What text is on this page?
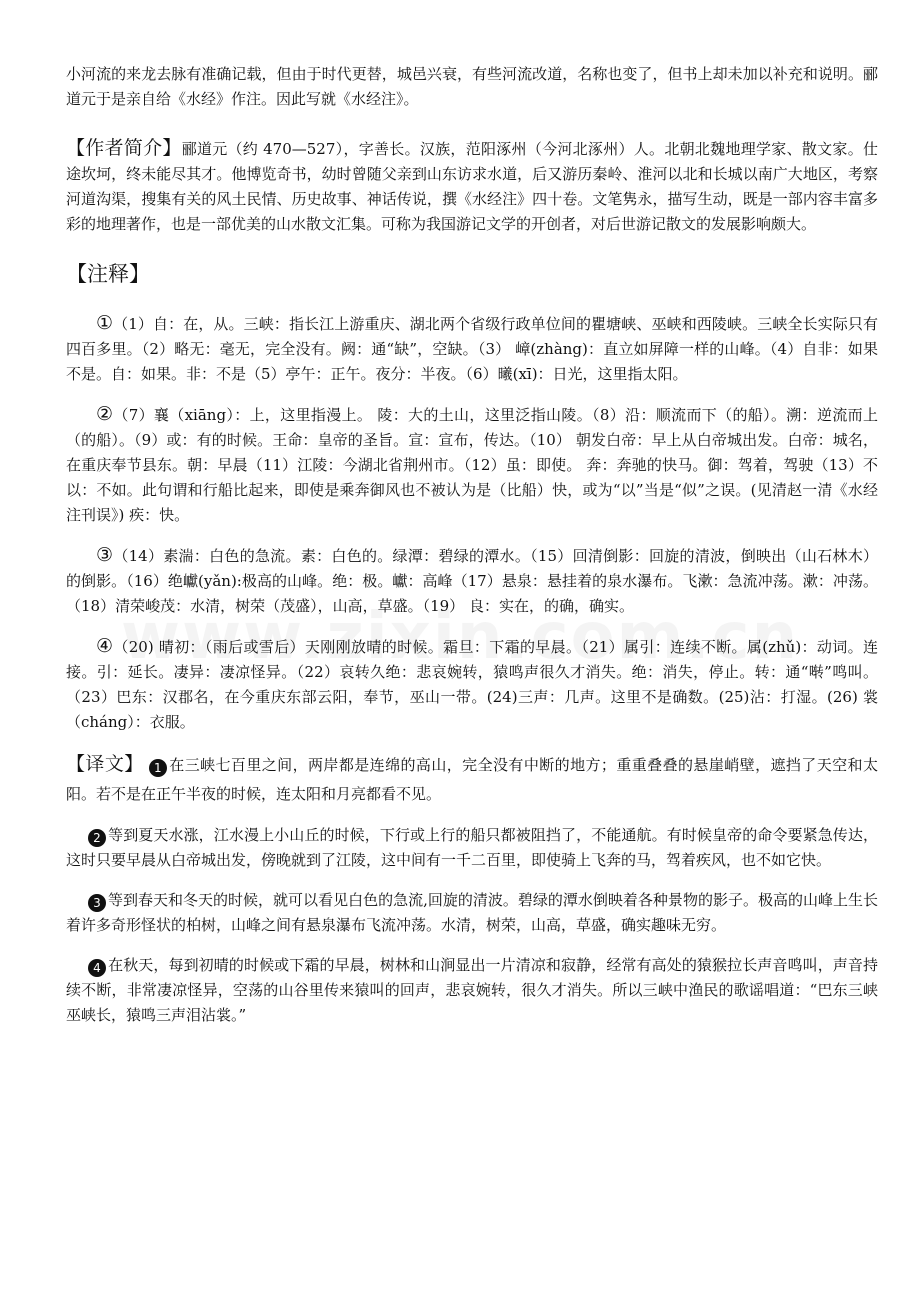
小河流的来龙去脉有准确记载，但由于时代更替，城邑兴衰，有些河流改道，名称也变了，但书上却未加以补充和说明。郦道元于是亲自给《水经》作注。因此写就《水经注》。

【作者简介】郦道元（约 470—527），字善长。汉族，范阳涿州（今河北涿州）人。北朝北魏地理学家、散文家。仕途坎坷，终未能尽其才。他博览奇书，幼时曾随父亲到山东访求水道，后又游历秦岭、淮河以北和长城以南广大地区，考察河道沟渠，搜集有关的风土民情、历史故事、神话传说，撰《水经注》四十卷。文笔隽永，描写生动，既是一部内容丰富多彩的地理著作，也是一部优美的山水散文汇集。可称为我国游记文学的开创者，对后世游记散文的发展影响颇大。

【注释】

①（1）自：在，从。三峡：指长江上游重庆、湖北两个省级行政单位间的瞿塘峡、巫峡和西陵峡。三峡全长实际只有四百多里。（2）略无：毫无，完全没有。阙：通“缺”，空缺。（3） 嶂(zhàng)：直立如屏障一样的山峰。（4）自非：如果不是。自：如果。非：不是（5）亭午：正午。夜分：半夜。（6）曦(xī)：日光，这里指太阳。

②（7）襄（xiāng）：上，这里指漫上。 陵：大的土山，这里泛指山陵。（8）沿：顺流而下（的船）。溯：逆流而上（的船）。（9）或：有的时候。王命：皇帝的圣旨。宣：宣布，传达。（10） 朝发白帝：早上从白帝城出发。白帝：城名，在重庆奉节县东。朝：早晨（11）江陵：今湖北省荆州市。（12）虽：即使。 奔：奔驰的快马。御：驾着，驾驶（13）不以：不如。此句谓和行船比起来，即使是乘奔御风也不被认为是（比船）快，或为“以”当是“似”之误。(见清赵一清《水经注刊误》) 疾：快。

③（14）素湍：白色的急流。素：白色的。绿潭：碧绿的潭水。（15）回清倒影：回旋的清波，倒映出（山石林木）的倒影。（16）绝巘(yǎn):极高的山峰。绝：极。巘：高峰（17）悬泉：悬挂着的泉水瀑布。飞漱：急流冲荡。漱：冲荡。（18）清荣峻茂：水清，树荣（茂盛），山高，草盛。（19） 良：实在，的确，确实。

④（20) 晴初：（雨后或雪后）天刚刚放晴的时候。霜旦：下霜的早晨。（21）属引：连续不断。属(zhǔ)：动词。连接。引：延长。凄异：凄凉怪异。（22）哀转久绝：悲哀婉转，猿鸣声很久才消失。绝：消失，停止。转：通“啭”鸣叫。（23）巴东：汉郡名，在今重庆东部云阳，奉节，巫山一带。(24)三声：几声。这里不是确数。(25)沾：打湿。(26) 裳（cháng）：衣服。

【译文】 1 在三峡七百里之间，两岸都是连绵的高山，完全没有中断的地方；重重叠叠的悬崖峭壁，遮挡了天空和太阳。若不是在正午半夜的时候，连太阳和月亮都看不见。

2 等到夏天水涨，江水漫上小山丘的时候，下行或上行的船只都被阻挡了，不能通航。有时候皇帝的命令要紧急传达，这时只要早晨从白帝城出发，傍晚就到了江陵，这中间有一千二百里，即使骑上飞奔的马，驾着疾风，也不如它快。

3 等到春天和冬天的时候，就可以看见白色的急流,回旋的清波。碧绿的潭水倒映着各种景物的影子。极高的山峰上生长着许多奇形怪状的柏树，山峰之间有悬泉瀑布飞流冲荡。水清，树荣，山高，草盛，确实趣味无穷。

4 在秋天，每到初晴的时候或下霜的早晨，树林和山涧显出一片清凉和寂静，经常有高处的猿猴拉长声音鸣叫，声音持续不断，非常凄凉怪异，空荡的山谷里传来猿叫的回声，悲哀婉转，很久才消失。所以三峡中渔民的歌谣唱道：“巴东三峡巫峡长，猿鸣三声泪沾裳。”
